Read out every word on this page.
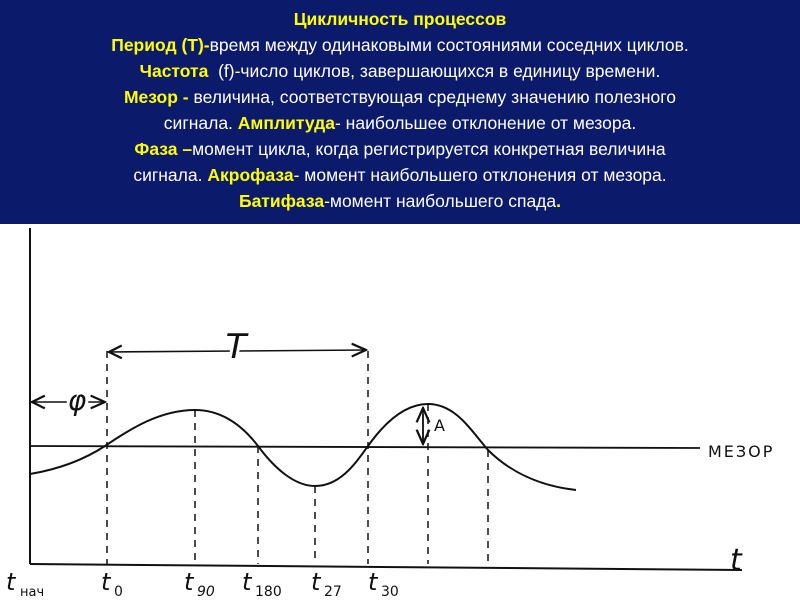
Цикличность процессов
Период (Т)-время между одинаковыми состояниями соседних циклов.
Частота (f)-число циклов, завершающихся в единицу времени.
Мезор - величина, соответствующая среднему значению полезного
сигнала. Амплитуда- наибольшее отклонение от мезора.
Фаза –момент цикла, когда регистрируется конкретная величина
сигнала. Акрофаза- момент наибольшего отклонения от мезора.
Батифаза-момент наибольшего спада.
Т
φ
A
МЕЗОР
t
t нач t 0	t 90 t 180 t 27 t 30
